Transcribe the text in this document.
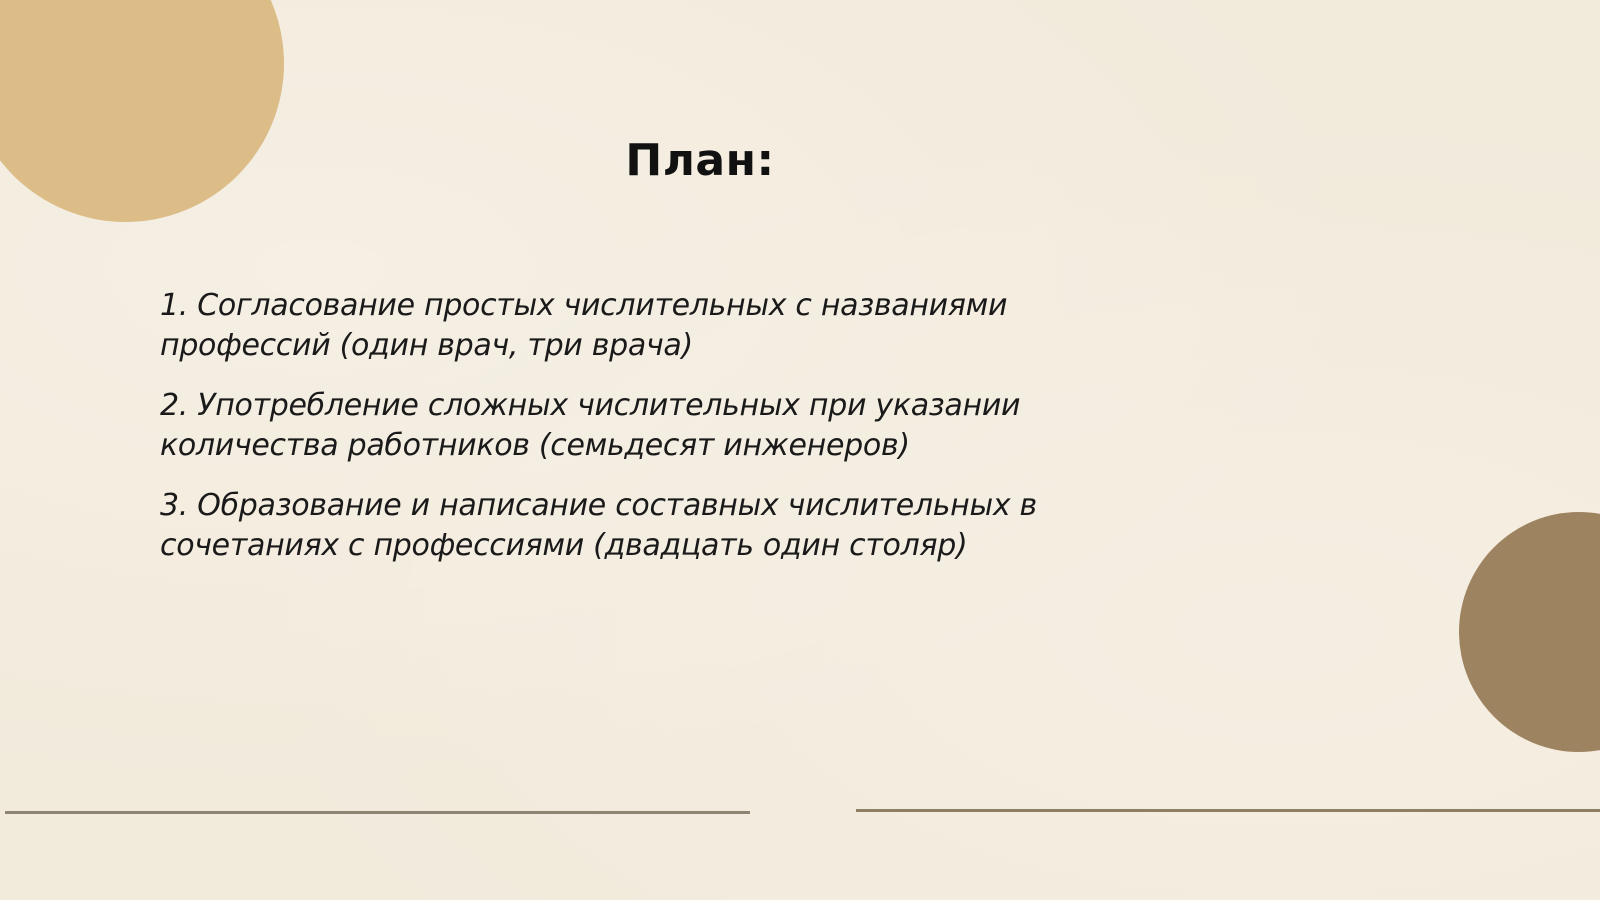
План:
1. Согласование простых числительных с названиями профессий (один врач, три врача)
2. Употребление сложных числительных при указании количества работников (семьдесят инженеров)
3. Образование и написание составных числительных в сочетаниях с профессиями (двадцать один столяр)
